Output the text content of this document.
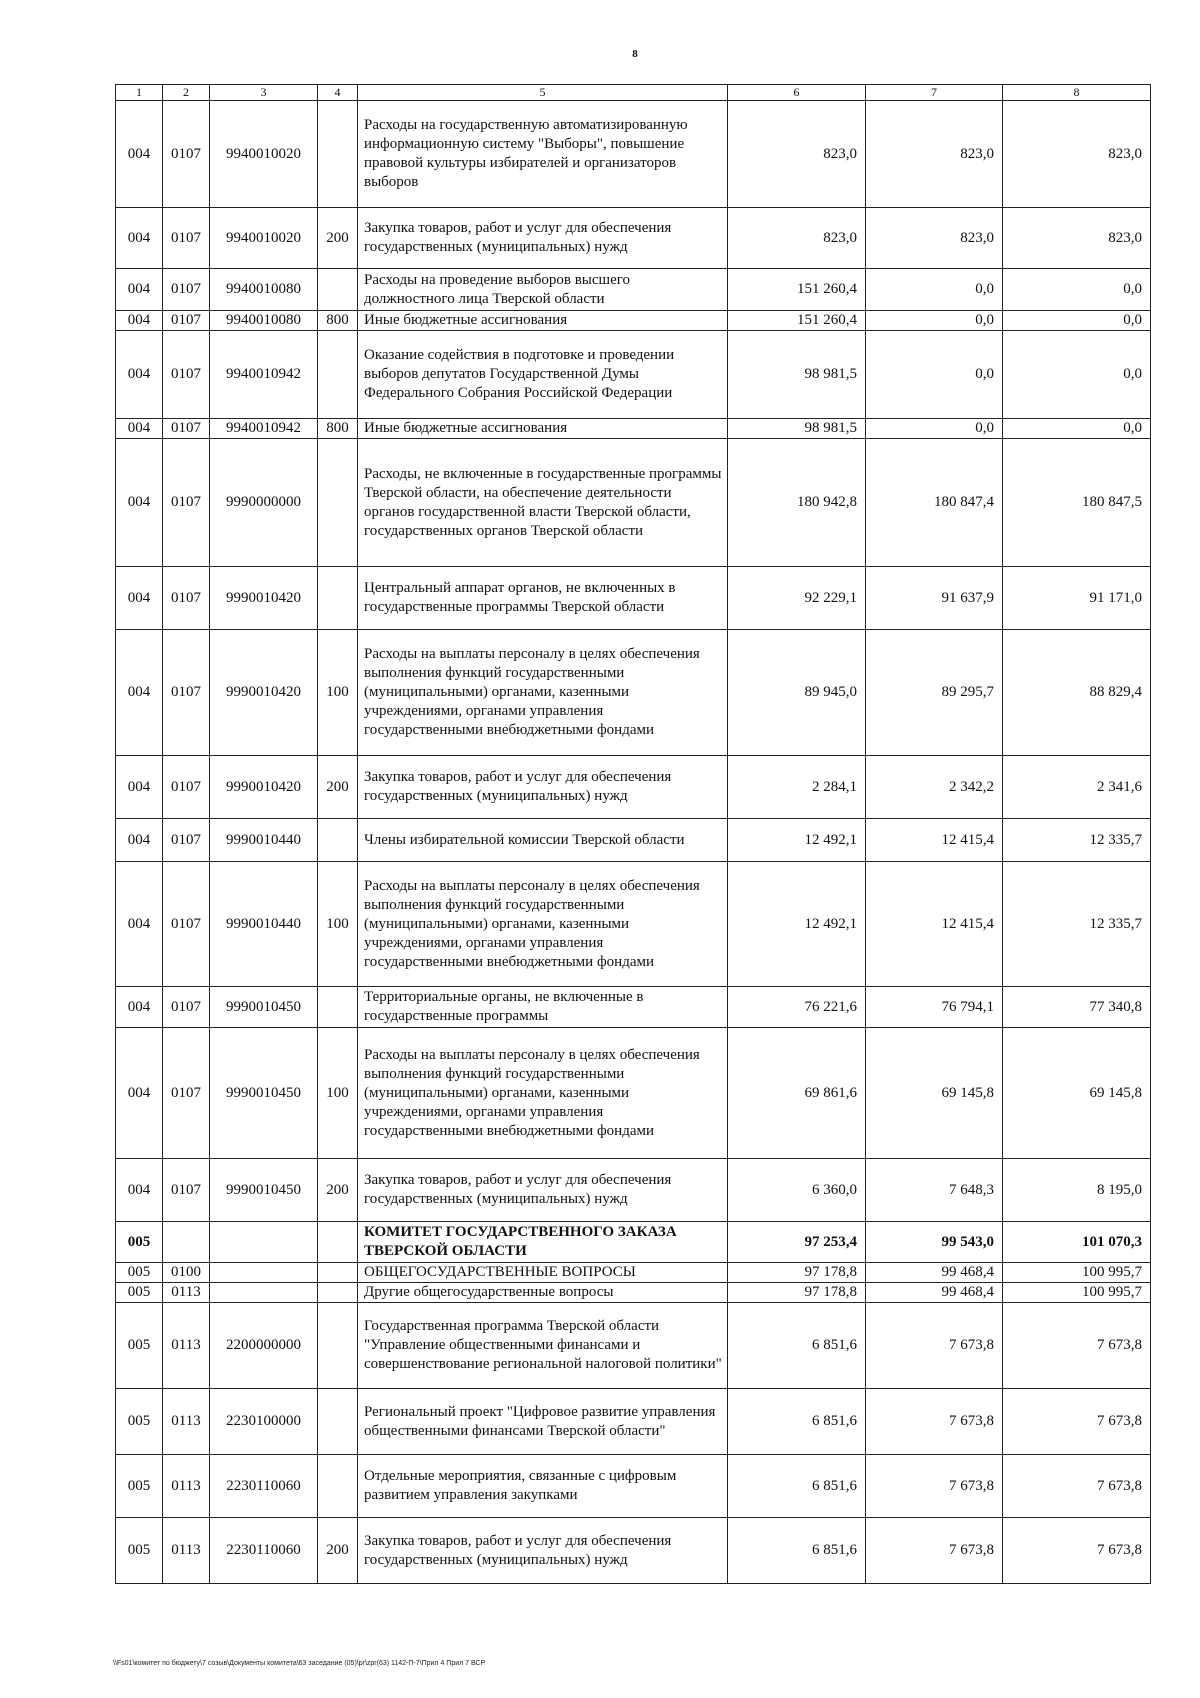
8
1	2	3	4	5	6	7	8
004	0107	9940010020		Расходы на государственную автоматизированную информационную систему "Выборы", повышение правовой культуры избирателей и организаторов выборов	823,0	823,0	823,0
004	0107	9940010020	200	Закупка товаров, работ и услуг для обеспечения государственных (муниципальных) нужд	823,0	823,0	823,0
004	0107	9940010080		Расходы на проведение выборов высшего должностного лица Тверской области	151 260,4	0,0	0,0
004	0107	9940010080	800	Иные бюджетные ассигнования	151 260,4	0,0	0,0
004	0107	9940010942		Оказание содействия в подготовке и проведении выборов депутатов Государственной Думы Федерального Собрания Российской Федерации	98 981,5	0,0	0,0
004	0107	9940010942	800	Иные бюджетные ассигнования	98 981,5	0,0	0,0
004	0107	9990000000		Расходы, не включенные в государственные программы Тверской области, на обеспечение деятельности органов государственной власти Тверской области, государственных органов Тверской области	180 942,8	180 847,4	180 847,5
004	0107	9990010420		Центральный аппарат органов, не включенных в государственные программы Тверской области	92 229,1	91 637,9	91 171,0
004	0107	9990010420	100	Расходы на выплаты персоналу в целях обеспечения выполнения функций государственными (муниципальными) органами, казенными учреждениями, органами управления государственными внебюджетными фондами	89 945,0	89 295,7	88 829,4
004	0107	9990010420	200	Закупка товаров, работ и услуг для обеспечения государственных (муниципальных) нужд	2 284,1	2 342,2	2 341,6
004	0107	9990010440		Члены избирательной комиссии Тверской области	12 492,1	12 415,4	12 335,7
004	0107	9990010440	100	Расходы на выплаты персоналу в целях обеспечения выполнения функций государственными (муниципальными) органами, казенными учреждениями, органами управления государственными внебюджетными фондами	12 492,1	12 415,4	12 335,7
004	0107	9990010450		Территориальные органы, не включенные в государственные программы	76 221,6	76 794,1	77 340,8
004	0107	9990010450	100	Расходы на выплаты персоналу в целях обеспечения выполнения функций государственными (муниципальными) органами, казенными учреждениями, органами управления государственными внебюджетными фондами	69 861,6	69 145,8	69 145,8
004	0107	9990010450	200	Закупка товаров, работ и услуг для обеспечения государственных (муниципальных) нужд	6 360,0	7 648,3	8 195,0
005				КОМИТЕТ ГОСУДАРСТВЕННОГО ЗАКАЗА ТВЕРСКОЙ ОБЛАСТИ	97 253,4	99 543,0	101 070,3
005	0100			ОБЩЕГОСУДАРСТВЕННЫЕ ВОПРОСЫ	97 178,8	99 468,4	100 995,7
005	0113			Другие общегосударственные вопросы	97 178,8	99 468,4	100 995,7
005	0113	2200000000		Государственная программа Тверской области "Управление общественными финансами и совершенствование региональной налоговой политики"	6 851,6	7 673,8	7 673,8
005	0113	2230100000		Региональный проект "Цифровое развитие управления общественными финансами Тверской области"	6 851,6	7 673,8	7 673,8
005	0113	2230110060		Отдельные мероприятия, связанные с цифровым развитием управления закупками	6 851,6	7 673,8	7 673,8
005	0113	2230110060	200	Закупка товаров, работ и услуг для обеспечения государственных (муниципальных) нужд	6 851,6	7 673,8	7 673,8
\\Fs01\комитет по бюджету\7 созыв\Документы комитета\63 заседание (05)\pr\zpr(63) 1142-П-7\Прил 4 Прил 7 ВСР
